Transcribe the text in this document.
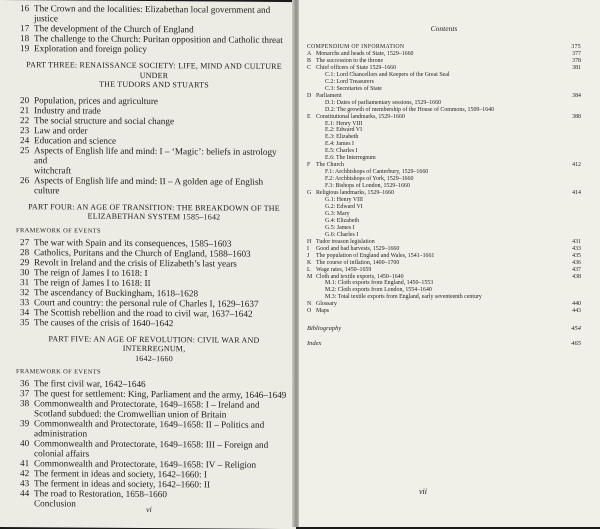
16 The Crown and the localities: Elizabethan local government and
justice
17 The development of the Church of England
18 The challenge to the Church: Puritan opposition and Catholic threat
19 Exploration and foreign policy
PART THREE: RENAISSANCE SOCIETY: LIFE, MIND AND CULTURE UNDER
THE TUDORS AND STUARTS
20 Population, prices and agriculture
21 Industry and trade
22 The social structure and social change
23 Law and order
24 Education and science
25 Aspects of English life and mind: I – ‘Magic’: beliefs in astrology and
witchcraft
26 Aspects of English life and mind: II – A golden age of English culture
PART FOUR: AN AGE OF TRANSITION: THE BREAKDOWN OF THE
ELIZABETHAN SYSTEM 1585–1642
FRAMEWORK OF EVENTS
27 The war with Spain and its consequences, 1585–1603
28 Catholics, Puritans and the Church of England, 1588–1603
29 Revolt in Ireland and the crisis of Elizabeth’s last years
30 The reign of James I to 1618: I
31 The reign of James I to 1618: II
32 The ascendancy of Buckingham, 1618–1628
33 Court and country: the personal rule of Charles I, 1629–1637
34 The Scottish rebellion and the road to civil war, 1637–1642
35 The causes of the crisis of 1640–1642
PART FIVE: AN AGE OF REVOLUTION: CIVIL WAR AND INTERREGNUM,
1642–1660
FRAMEWORK OF EVENTS
36 The first civil war, 1642–1646
37 The quest for settlement: King, Parliament and the army, 1646–1649
38 Commonwealth and Protectorate, 1649–1658: I – Ireland and
Scotland subdued: the Cromwellian union of Britain
39 Commonwealth and Protectorate, 1649–1658: II – Politics and
administration
40 Commonwealth and Protectorate, 1649–1658: III – Foreign and
colonial affairs
41 Commonwealth and Protectorate, 1649–1658: IV – Religion
42 The ferment in ideas and society, 1642–1660: I
43 The ferment in ideas and society, 1642–1660: II
44 The road to Restoration, 1658–1660
Conclusion
vi
Contents
COMPENDIUM OF INFORMATION	375
A Monarchs and heads of State, 1529–1660	377
B The succession to the throne	378
C Chief officers of State 1529–1660	381
C.1: Lord Chancellors and Keepers of the Great Seal
C.2: Lord Treasurers
C.3: Secretaries of State
D Parliament	384
D.1: Dates of parliamentary sessions, 1529–1660
D.2: The growth of membership of the House of Commons, 1509–1640
E Constitutional landmarks, 1529–1660	388
E.1: Henry VIII
E.2: Edward VI
E.3: Elizabeth
E.4: James I
E.5: Charles I
E.6: The Interregnum
F The Church	412
F.1: Archbishops of Canterbury, 1529–1660
F.2: Archbishops of York, 1529–1660
F.3: Bishops of London, 1529–1660
G Religious landmarks, 1529–1660	414
G.1: Henry VIII
G.2: Edward VI
G.3: Mary
G.4: Elizabeth
G.5: James I
G.6: Charles I
H Tudor treason legislation	431
I	Good and bad harvests, 1529–1660	433
J	The population of England and Wales, 1541–1661	435
K The course of inflation, 1400–1700	436
L Wage rates, 1450–1659	437
M Cloth and textile exports, 1450–1640	438
M.1: Cloth exports from England, 1450–1553
M.2: Cloth exports from London, 1554–1640
M.3: Total textile exports from England, early seventeenth century
N Glossary	440
O Maps	443
Bibliography	454
Index	465
vii
